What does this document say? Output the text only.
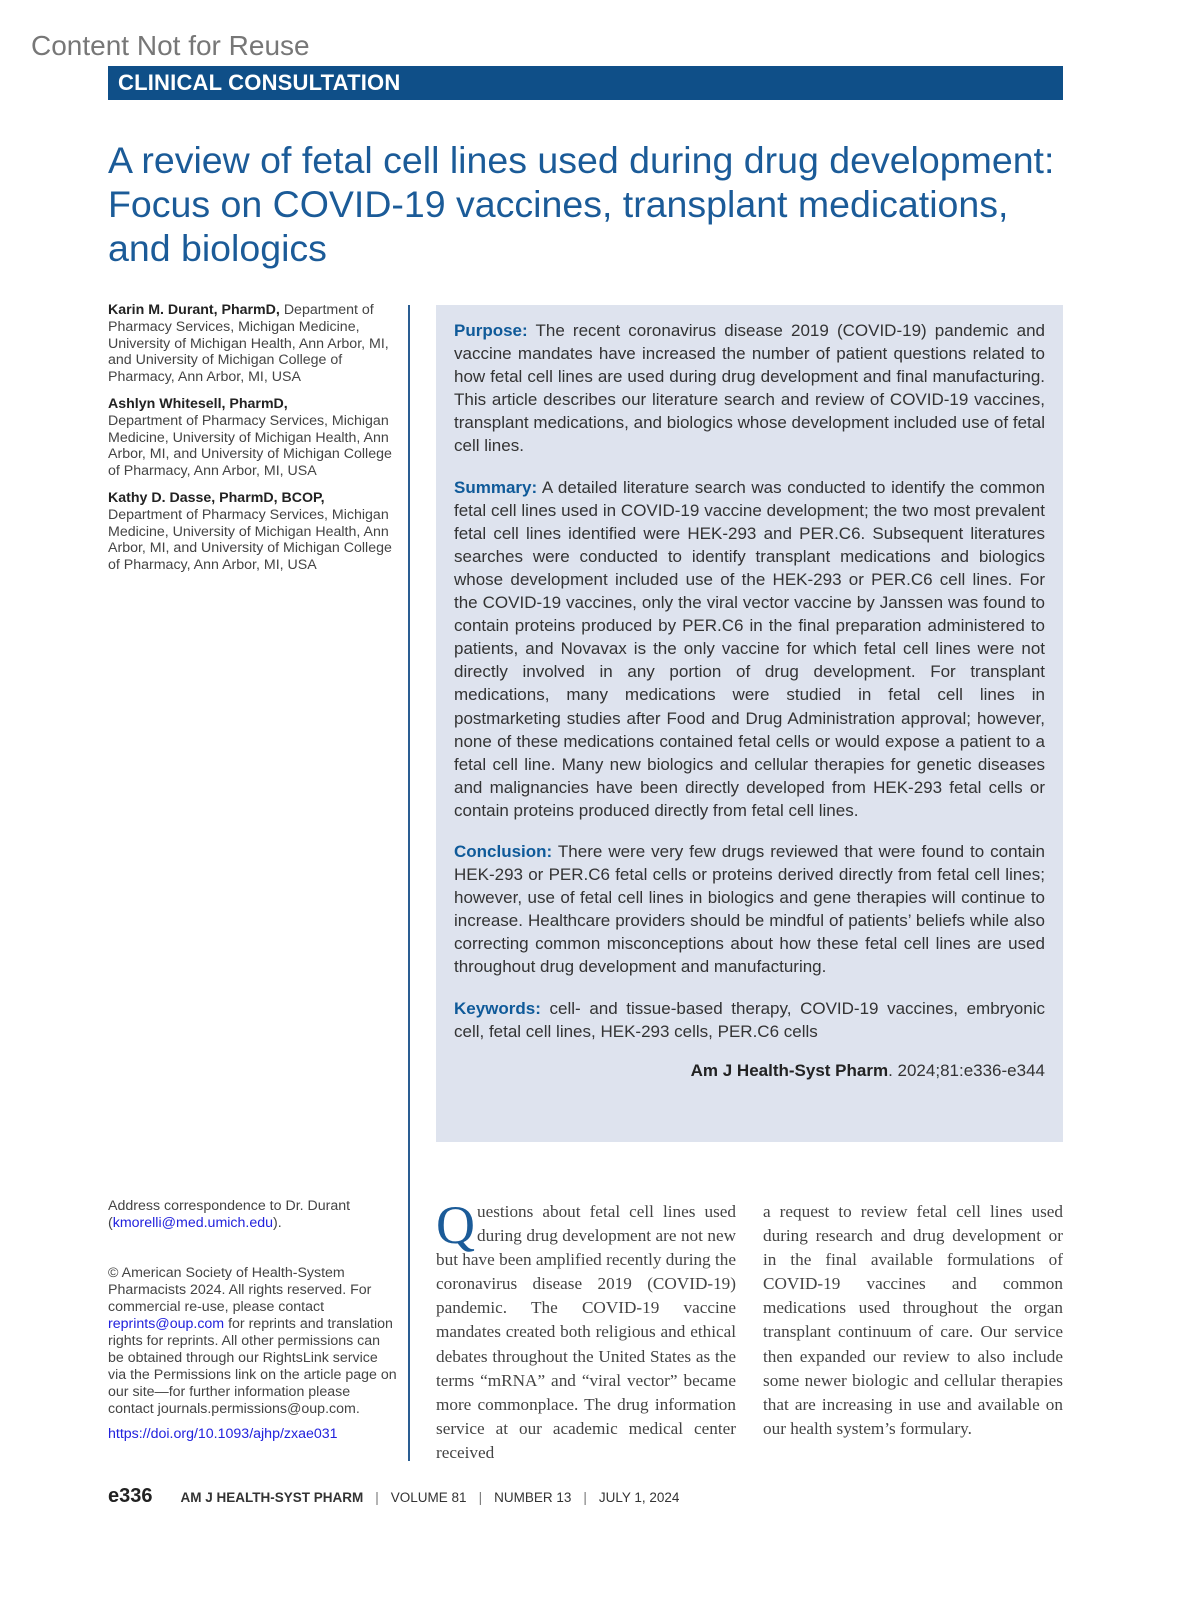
Content Not for Reuse
CLINICAL CONSULTATION
A review of fetal cell lines used during drug development: Focus on COVID-19 vaccines, transplant medications, and biologics
Karin M. Durant, PharmD, Department of Pharmacy Services, Michigan Medicine, University of Michigan Health, Ann Arbor, MI, and University of Michigan College of Pharmacy, Ann Arbor, MI, USA
Ashlyn Whitesell, PharmD,
Department of Pharmacy Services, Michigan Medicine, University of Michigan Health, Ann Arbor, MI, and University of Michigan College of Pharmacy, Ann Arbor, MI, USA
Kathy D. Dasse, PharmD, BCOP,
Department of Pharmacy Services, Michigan Medicine, University of Michigan Health, Ann Arbor, MI, and University of Michigan College of Pharmacy, Ann Arbor, MI, USA

Purpose: The recent coronavirus disease 2019 (COVID-19) pandemic and vaccine mandates have increased the number of patient questions related to how fetal cell lines are used during drug development and final manufacturing. This article describes our literature search and review of COVID-19 vaccines, transplant medications, and biologics whose development included use of fetal cell lines.

Summary: A detailed literature search was conducted to identify the common fetal cell lines used in COVID-19 vaccine development; the two most prevalent fetal cell lines identified were HEK-293 and PER.C6. Subsequent literatures searches were conducted to identify transplant medications and biologics whose development included use of the HEK-293 or PER.C6 cell lines. For the COVID-19 vaccines, only the viral vector vaccine by Janssen was found to contain proteins produced by PER.C6 in the final preparation administered to patients, and Novavax is the only vaccine for which fetal cell lines were not directly involved in any portion of drug development. For transplant medications, many medications were studied in fetal cell lines in postmarketing studies after Food and Drug Administration approval; however, none of these medications contained fetal cells or would expose a patient to a fetal cell line. Many new biologics and cellular therapies for genetic diseases and malignancies have been directly developed from HEK-293 fetal cells or contain proteins produced directly from fetal cell lines.

Conclusion: There were very few drugs reviewed that were found to contain HEK-293 or PER.C6 fetal cells or proteins derived directly from fetal cell lines; however, use of fetal cell lines in biologics and gene therapies will continue to increase. Healthcare providers should be mindful of patients’ beliefs while also correcting common misconceptions about how these fetal cell lines are used throughout drug development and manufacturing.

Keywords: cell- and tissue-based therapy, COVID-19 vaccines, embryonic cell, fetal cell lines, HEK-293 cells, PER.C6 cells

Am J Health-Syst Pharm. 2024;81:e336-e344

Address correspondence to Dr. Durant (kmorelli@med.umich.edu).

© American Society of Health-System Pharmacists 2024. All rights reserved. For commercial re-use, please contact reprints@oup.com for reprints and translation rights for reprints. All other permissions can be obtained through our RightsLink service via the Permissions link on the article page on our site—for further information please contact journals.permissions@oup.com.

https://doi.org/10.1093/ajhp/zxae031
Questions about fetal cell lines used during drug development are not new but have been amplified recently during the coronavirus disease 2019 (COVID-19) pandemic. The COVID-19 vaccine mandates created both religious and ethical debates throughout the United States as the terms “mRNA” and “viral vector” became more commonplace. The drug information service at our academic medical center received
a request to review fetal cell lines used during research and drug development or in the final available formulations of COVID-19 vaccines and common medications used throughout the organ transplant continuum of care. Our service then expanded our review to also include some newer biologic and cellular therapies that are increasing in use and available on our health system’s formulary.
e336 AM J HEALTH-SYST PHARM | VOLUME 81 | NUMBER 13 | JULY 1, 2024
